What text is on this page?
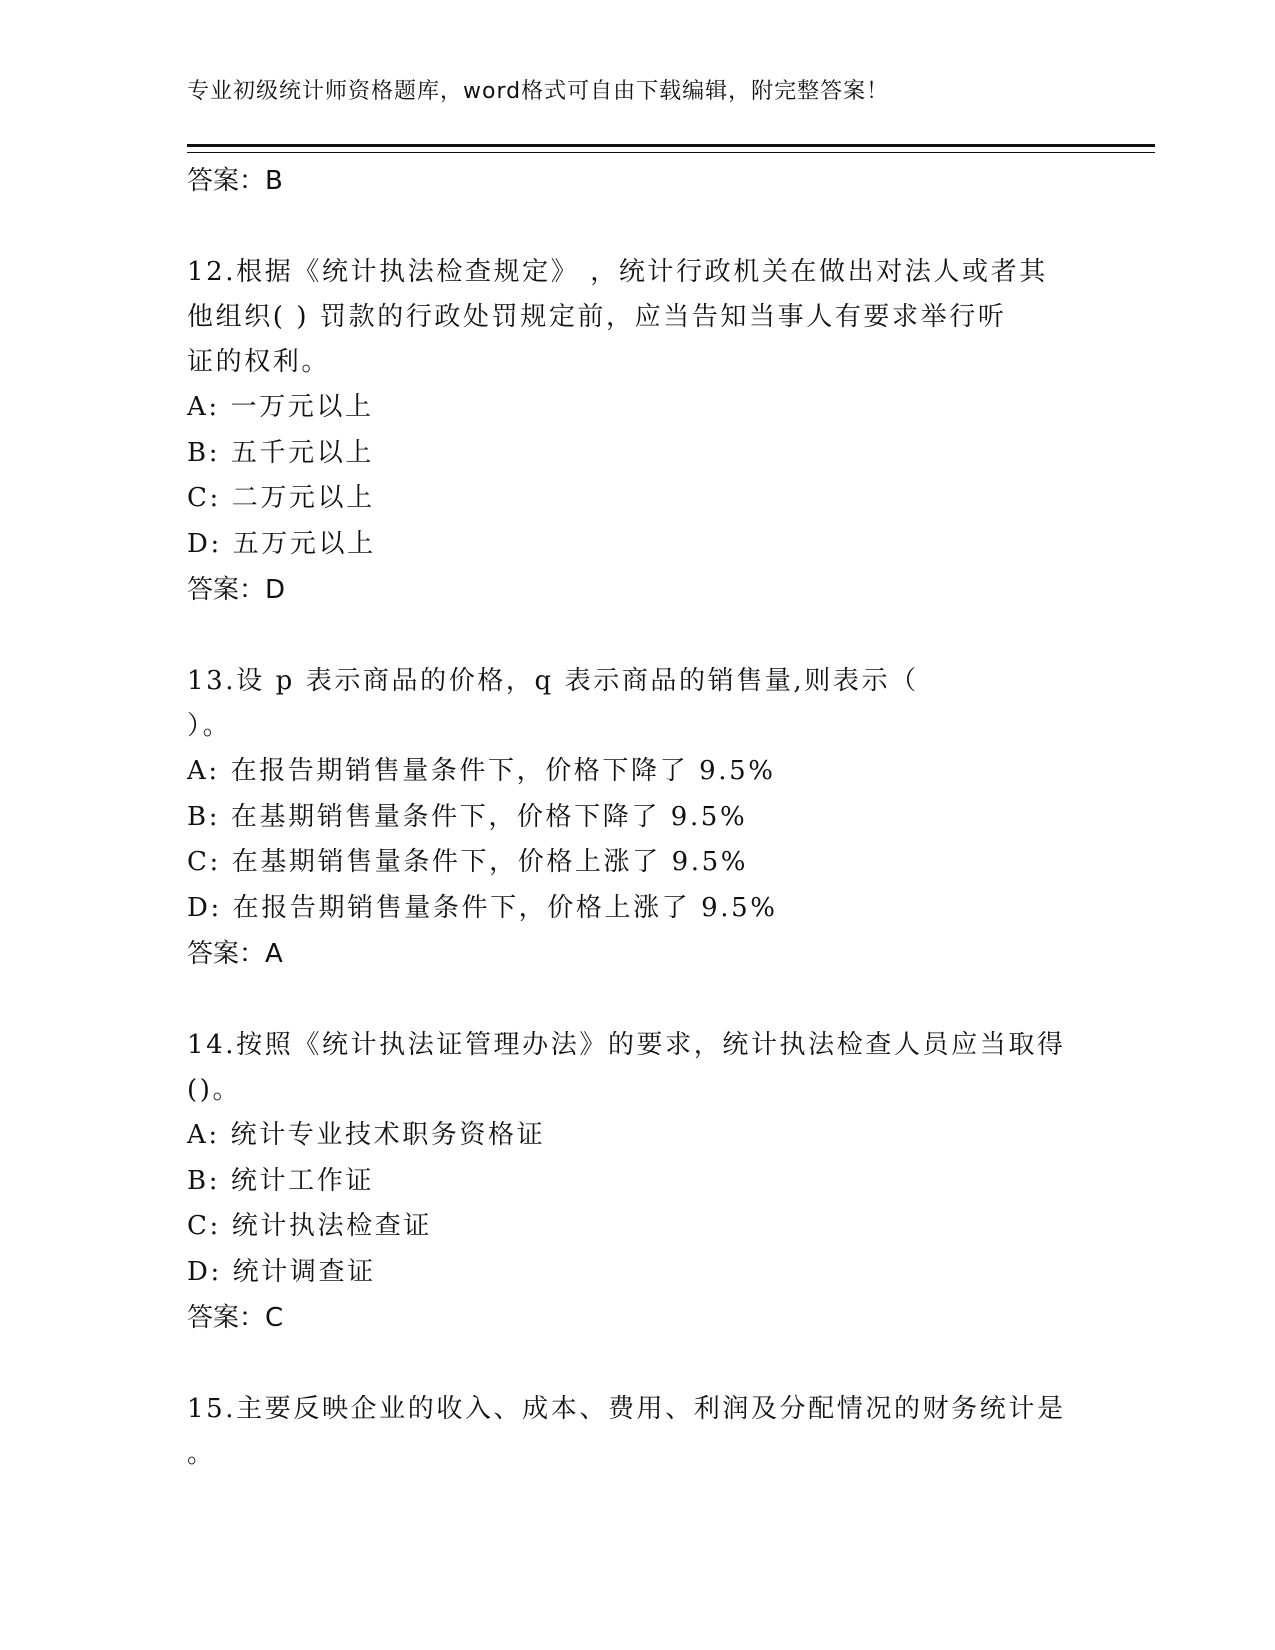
专业初级统计师资格题库，word格式可自由下载编辑，附完整答案！
答案：B
12.根据《统计执法检查规定》 ，统计行政机关在做出对法人或者其
他组织( ) 罚款的行政处罚规定前，应当告知当事人有要求举行听
证的权利。
A: 一万元以上
B: 五千元以上
C: 二万元以上
D: 五万元以上
答案：D
13.设 p 表示商品的价格，q 表示商品的销售量,则表示（
）。
A: 在报告期销售量条件下，价格下降了 9.5%
B: 在基期销售量条件下，价格下降了 9.5%
C: 在基期销售量条件下，价格上涨了 9.5%
D: 在报告期销售量条件下，价格上涨了 9.5%
答案：A
14.按照《统计执法证管理办法》的要求，统计执法检查人员应当取得
()。
A: 统计专业技术职务资格证
B: 统计工作证
C: 统计执法检查证
D: 统计调查证
答案：C
15.主要反映企业的收入、成本、费用、利润及分配情况的财务统计是
。
